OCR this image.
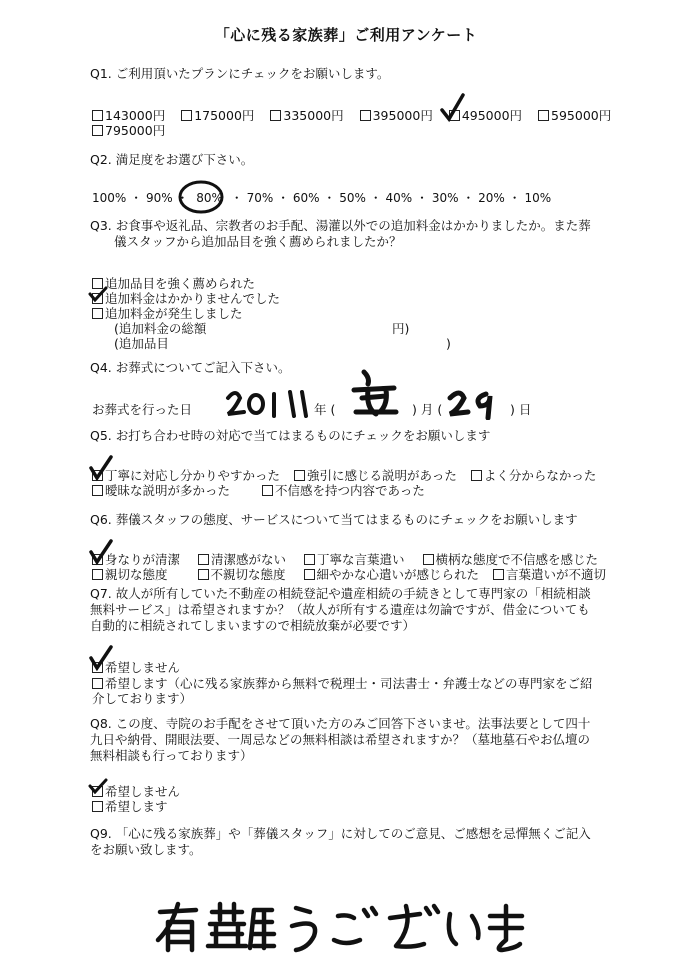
「心に残る家族葬」ご利用アンケート
Q1. ご利用頂いたプランにチェックをお願いします。
143000円 175000円 335000円 395000円 495000円 595000円
795000円
Q2. 満足度をお選び下さい。
100% ・ 90% ・ 80% ・ 70% ・ 60% ・ 50% ・ 40% ・ 30% ・ 20% ・ 10%
Q3. お食事や返礼品、宗教者のお手配、湯灌以外での追加料金はかかりましたか。また葬
儀スタッフから追加品目を強く薦められましたか？
追加品目を強く薦められた
追加料金はかかりませんでした
追加料金が発生しました
(追加料金の総額	円)
(追加品目	)
Q4. お葬式についてご記入下さい。
お葬式を行った日	年 (	) 月 (	) 日
Q5. お打ち合わせ時の対応で当てはまるものにチェックをお願いします
丁寧に対応し分かりやすかった 強引に感じる説明があった よく分からなかった
曖昧な説明が多かった	不信感を持つ内容であった
Q6. 葬儀スタッフの態度、サービスについて当てはまるものにチェックをお願いします
身なりが清潔 清潔感がない 丁寧な言葉遣い 横柄な態度で不信感を感じた
親切な態度	不親切な態度 細やかな心遣いが感じられた 言葉遣いが不適切
Q7. 故人が所有していた不動産の相続登記や遺産相続の手続きとして専門家の「相続相談
無料サービス」は希望されますか？（故人が所有する遺産は勿論ですが、借金についても
自動的に相続されてしまいますので相続放棄が必要です）
希望しません
希望します（心に残る家族葬から無料で税理士・司法書士・弁護士などの専門家をご紹
介しております）
Q8. この度、寺院のお手配をさせて頂いた方のみご回答下さいませ。法事法要として四十
九日や納骨、開眼法要、一周忌などの無料相談は希望されますか？（墓地墓石やお仏壇の
無料相談も行っております）
希望しません
希望します
Q9. 「心に残る家族葬」や「葬儀スタッフ」に対してのご意見、ご感想を忌憚無くご記入
をお願い致します。
